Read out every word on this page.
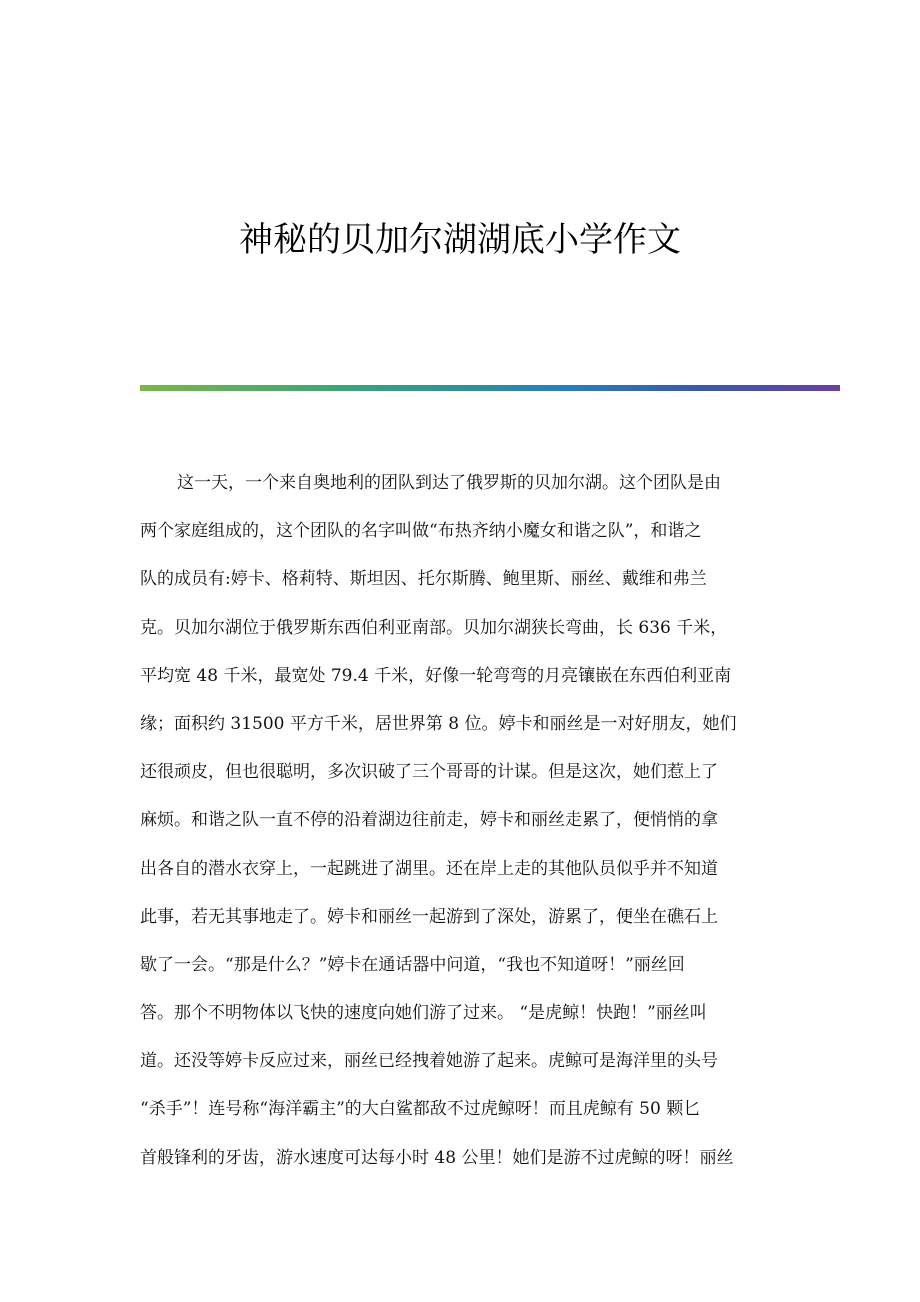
神秘的贝加尔湖湖底小学作文
这一天，一个来自奥地利的团队到达了俄罗斯的贝加尔湖。这个团队是由
两个家庭组成的，这个团队的名字叫做“布热齐纳小魔女和谐之队”，和谐之
队的成员有:婷卡、格莉特、斯坦因、托尔斯腾、鲍里斯、丽丝、戴维和弗兰
克。贝加尔湖位于俄罗斯东西伯利亚南部。贝加尔湖狭长弯曲，长 636 千米，
平均宽 48 千米，最宽处 79.4 千米，好像一轮弯弯的月亮镶嵌在东西伯利亚南
缘；面积约 31500 平方千米，居世界第 8 位。婷卡和丽丝是一对好朋友，她们
还很顽皮，但也很聪明，多次识破了三个哥哥的计谋。但是这次，她们惹上了
麻烦。和谐之队一直不停的沿着湖边往前走，婷卡和丽丝走累了，便悄悄的拿
出各自的潜水衣穿上，一起跳进了湖里。还在岸上走的其他队员似乎并不知道
此事，若无其事地走了。婷卡和丽丝一起游到了深处，游累了，便坐在礁石上
歇了一会。“那是什么？”婷卡在通话器中问道，“我也不知道呀！”丽丝回
答。那个不明物体以飞快的速度向她们游了过来。 “是虎鲸！快跑！”丽丝叫
道。还没等婷卡反应过来，丽丝已经拽着她游了起来。虎鲸可是海洋里的头号
“杀手”！连号称“海洋霸主”的大白鲨都敌不过虎鲸呀！而且虎鲸有 50 颗匕
首般锋利的牙齿，游水速度可达每小时 48 公里！她们是游不过虎鲸的呀！丽丝
